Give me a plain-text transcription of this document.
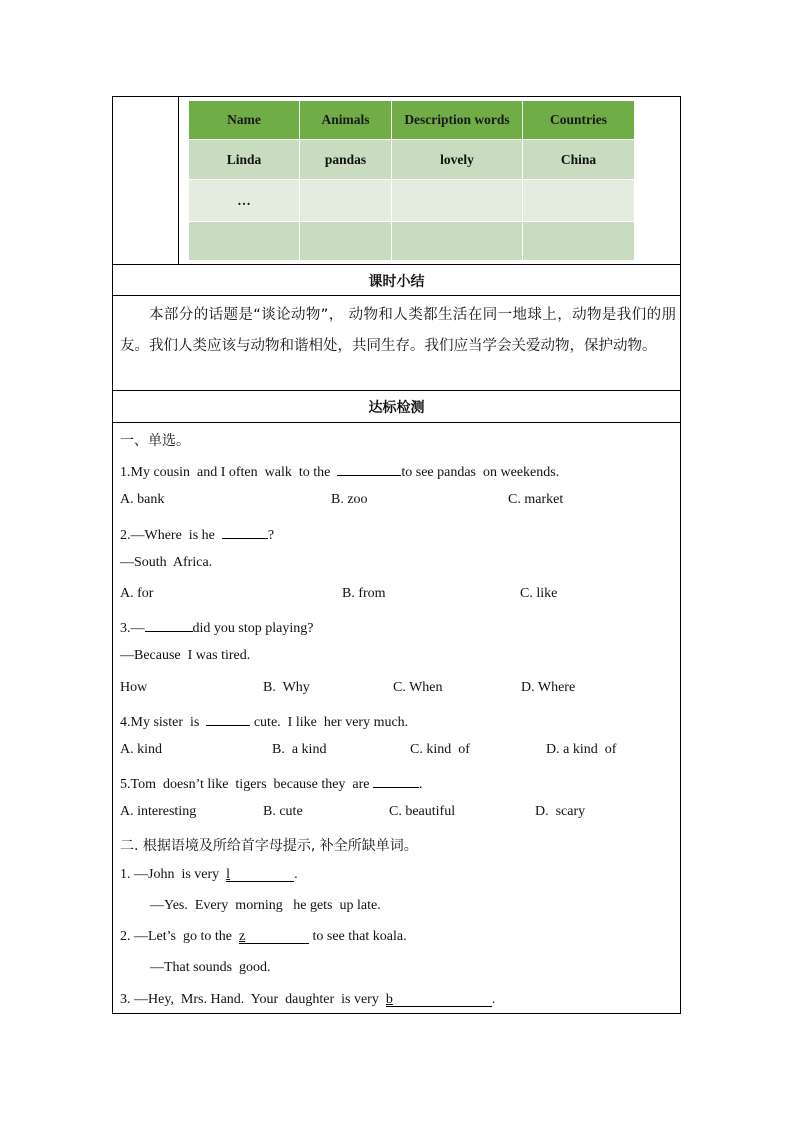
Name	Animals	Description words	Countries
Linda	pandas	lovely	China
…			

课时小结

本部分的话题是“谈论动物”， 动物和人类都生活在同一地球上，动物是我们的朋友。我们人类应该与动物和谐相处，共同生存。我们应当学会关爱动物，保护动物。

达标检测
一、单选。
1.My cousin  and I often  walk  to the	to see pandas  on weekends.
A. bank	B. zoo	C. market
2.—Where  is he	?
—South  Africa.
A. for	B. from	C. like
3.—	did you stop playing?
—Because  I was tired.
How	B.  Why	C. When	D. Where
4.My sister  is	cute.  I like  her very much.
A. kind	B.  a kind	C. kind  of	D. a kind  of
5.Tom  doesn’t like  tigers  because they  are	.
A. interesting	B. cute	C. beautiful	D.  scary
二. 根据语境及所给首字母提示, 补全所缺单词。
1. —John  is very  l	.
—Yes.  Every  morning   he gets  up late.
2. —Let’s  go to the  z	to see that koala.
—That sounds  good.
3. —Hey,  Mrs. Hand.  Your  daughter  is very  b	.
